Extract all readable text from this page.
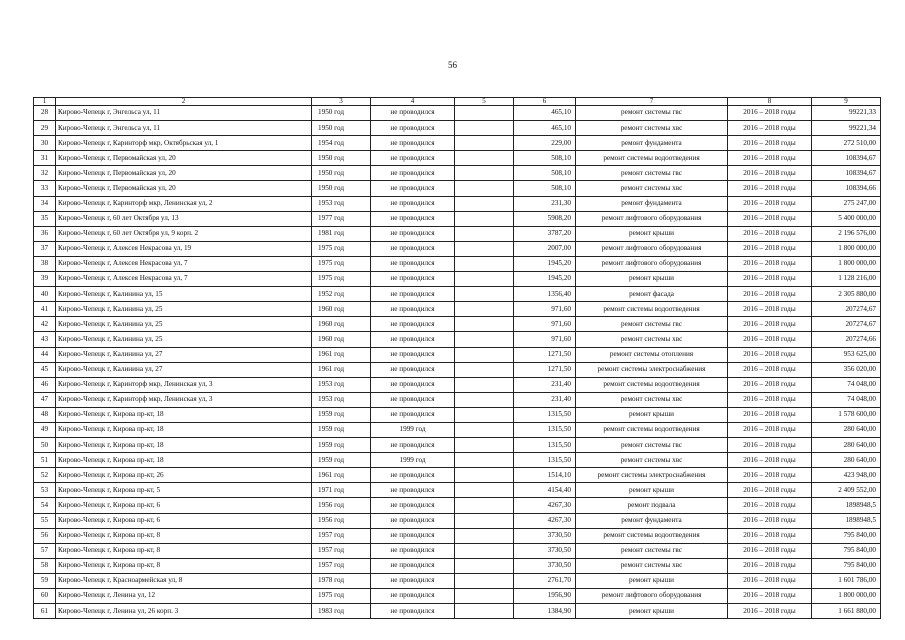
56
1	2	3	4	5	6	7	8	9
28	Кирово-Чепецк г, Энгельса ул, 11	1950 год	не проводился		465,10	ремонт системы гвс	2016 – 2018 годы	99221,33
29	Кирово-Чепецк г, Энгельса ул, 11	1950 год	не проводился		465,10	ремонт системы хвс	2016 – 2018 годы	99221,34
30	Кирово-Чепецк г, Каринторф мкр, Октябрьская ул, 1	1954 год	не проводился		229,00	ремонт фундамента	2016 – 2018 годы	272 510,00
31	Кирово-Чепецк г, Первомайская ул, 20	1950 год	не проводился		508,10	ремонт системы водоотведения	2016 – 2018 годы	108394,67
32	Кирово-Чепецк г, Первомайская ул, 20	1950 год	не проводился		508,10	ремонт системы гвс	2016 – 2018 годы	108394,67
33	Кирово-Чепецк г, Первомайская ул, 20	1950 год	не проводился		508,10	ремонт системы хвс	2016 – 2018 годы	108394,66
34	Кирово-Чепецк г, Каринторф мкр, Ленинская ул, 2	1953 год	не проводился		231,30	ремонт фундамента	2016 – 2018 годы	275 247,00
35	Кирово-Чепецк г, 60 лет Октября ул, 13	1977 год	не проводился		5908,20	ремонт лифтового оборудования	2016 – 2018 годы	5 400 000,00
36	Кирово-Чепецк г, 60 лет Октября ул, 9 корп. 2	1981 год	не проводился		3787,20	ремонт крыши	2016 – 2018 годы	2 196 576,00
37	Кирово-Чепецк г, Алексея Некрасова ул, 19	1975 год	не проводился		2007,00	ремонт лифтового оборудования	2016 – 2018 годы	1 800 000,00
38	Кирово-Чепецк г, Алексея Некрасова ул, 7	1975 год	не проводился		1945,20	ремонт лифтового оборудования	2016 – 2018 годы	1 800 000,00
39	Кирово-Чепецк г, Алексея Некрасова ул, 7	1975 год	не проводился		1945,20	ремонт крыши	2016 – 2018 годы	1 128 216,00
40	Кирово-Чепецк г, Калинина ул, 15	1952 год	не проводился		1356,40	ремонт фасада	2016 – 2018 годы	2 305 880,00
41	Кирово-Чепецк г, Калинина ул, 25	1960 год	не проводился		971,60	ремонт системы водоотведения	2016 – 2018 годы	207274,67
42	Кирово-Чепецк г, Калинина ул, 25	1960 год	не проводился		971,60	ремонт системы гвс	2016 – 2018 годы	207274,67
43	Кирово-Чепецк г, Калинина ул, 25	1960 год	не проводился		971,60	ремонт системы хвс	2016 – 2018 годы	207274,66
44	Кирово-Чепецк г, Калинина ул, 27	1961 год	не проводился		1271,50	ремонт системы отопления	2016 – 2018 годы	953 625,00
45	Кирово-Чепецк г, Калинина ул, 27	1961 год	не проводился		1271,50	ремонт системы электроснабжения	2016 – 2018 годы	356 020,00
46	Кирово-Чепецк г, Каринторф мкр, Ленинская ул, 3	1953 год	не проводился		231,40	ремонт системы водоотведения	2016 – 2018 годы	74 048,00
47	Кирово-Чепецк г, Каринторф мкр, Ленинская ул, 3	1953 год	не проводился		231,40	ремонт системы хвс	2016 – 2018 годы	74 048,00
48	Кирово-Чепецк г, Кирова пр-кт, 18	1959 год	не проводился		1315,50	ремонт крыши	2016 – 2018 годы	1 578 600,00
49	Кирово-Чепецк г, Кирова пр-кт, 18	1959 год	1999 год		1315,50	ремонт системы водоотведения	2016 – 2018 годы	280 640,00
50	Кирово-Чепецк г, Кирова пр-кт, 18	1959 год	не проводился		1315,50	ремонт системы гвс	2016 – 2018 годы	280 640,00
51	Кирово-Чепецк г, Кирова пр-кт, 18	1959 год	1999 год		1315,50	ремонт системы хвс	2016 – 2018 годы	280 640,00
52	Кирово-Чепецк г, Кирова пр-кт, 26	1961 год	не проводился		1514,10	ремонт системы электроснабжения	2016 – 2018 годы	423 948,00
53	Кирово-Чепецк г, Кирова пр-кт, 5	1971 год	не проводился		4154,40	ремонт крыши	2016 – 2018 годы	2 409 552,00
54	Кирово-Чепецк г, Кирова пр-кт, 6	1956 год	не проводился		4267,30	ремонт подвала	2016 – 2018 годы	1898948,5
55	Кирово-Чепецк г, Кирова пр-кт, 6	1956 год	не проводился		4267,30	ремонт фундамента	2016 – 2018 годы	1898948,5
56	Кирово-Чепецк г, Кирова пр-кт, 8	1957 год	не проводился		3730,50	ремонт системы водоотведения	2016 – 2018 годы	795 840,00
57	Кирово-Чепецк г, Кирова пр-кт, 8	1957 год	не проводился		3730,50	ремонт системы гвс	2016 – 2018 годы	795 840,00
58	Кирово-Чепецк г, Кирова пр-кт, 8	1957 год	не проводился		3730,50	ремонт системы хвс	2016 – 2018 годы	795 840,00
59	Кирово-Чепецк г, Красноармейская ул, 8	1978 год	не проводился		2761,70	ремонт крыши	2016 – 2018 годы	1 601 786,00
60	Кирово-Чепецк г, Ленина ул, 12	1975 год	не проводился		1956,90	ремонт лифтового оборудования	2016 – 2018 годы	1 800 000,00
61	Кирово-Чепецк г, Ленина ул, 26 корп. 3	1983 год	не проводился		1384,90	ремонт крыши	2016 – 2018 годы	1 661 880,00
